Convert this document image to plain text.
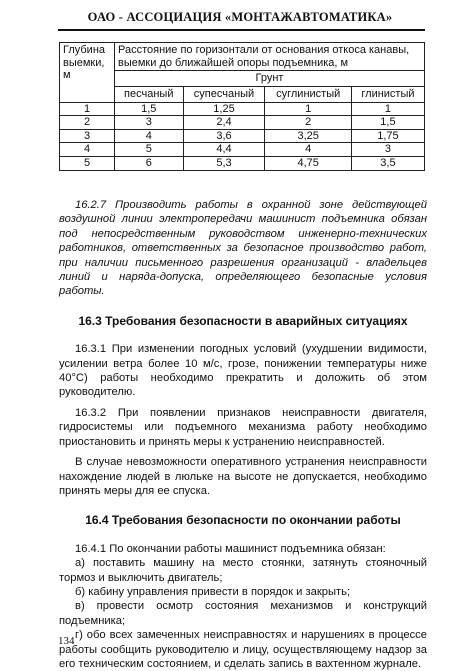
ОАО - АССОЦИАЦИЯ «МОНТАЖАВТОМАТИКА»
Глубина выемки, м	Расстояние по горизонтали от основания откоса канавы, выемки до ближайшей опоры подъемника, м			
	Грунт			
	песчаный	супесчаный	суглинистый	глинистый
1	1,5	1,25	1	1
2	3	2,4	2	1,5
3	4	3,6	3,25	1,75
4	5	4,4	4	3
5	6	5,3	4,75	3,5

16.2.7 Производить работы в охранной зоне действующей воздушной линии электропередачи машинист подъемника обязан под непосредственным руководством инженерно-технических работников, ответственных за безопасное производство работ, при наличии письменного разрешения организаций - владельцев линий и наряда-допуска, определяющего безопасные условия работы.

16.3 Требования безопасности в аварийных ситуациях

16.3.1 При изменении погодных условий (ухудшении видимости, усилении ветра более 10 м/с, грозе, понижении температуры ниже 40°С) работы необходимо прекратить и доложить об этом руководителю.

16.3.2 При появлении признаков неисправности двигателя, гидросистемы или подъемного механизма работу необходимо приостановить и принять меры к устранению неисправностей.

В случае невозможности оперативного устранения неисправности нахождение людей в люльке на высоте не допускается, необходимо принять меры для ее спуска.

16.4 Требования безопасности по окончании работы

16.4.1 По окончании работы машинист подъемника обязан:

а) поставить машину на место стоянки, затянуть стояночный тормоз и выключить двигатель;

б) кабину управления привести в порядок и закрыть;

в) провести осмотр состояния механизмов и конструкций подъемника;

г) обо всех замеченных неисправностях и нарушениях в процессе работы сообщить руководителю и лицу, осуществляющему надзор за его техническим состоянием, и сделать запись в вахтенном журнале.

134
